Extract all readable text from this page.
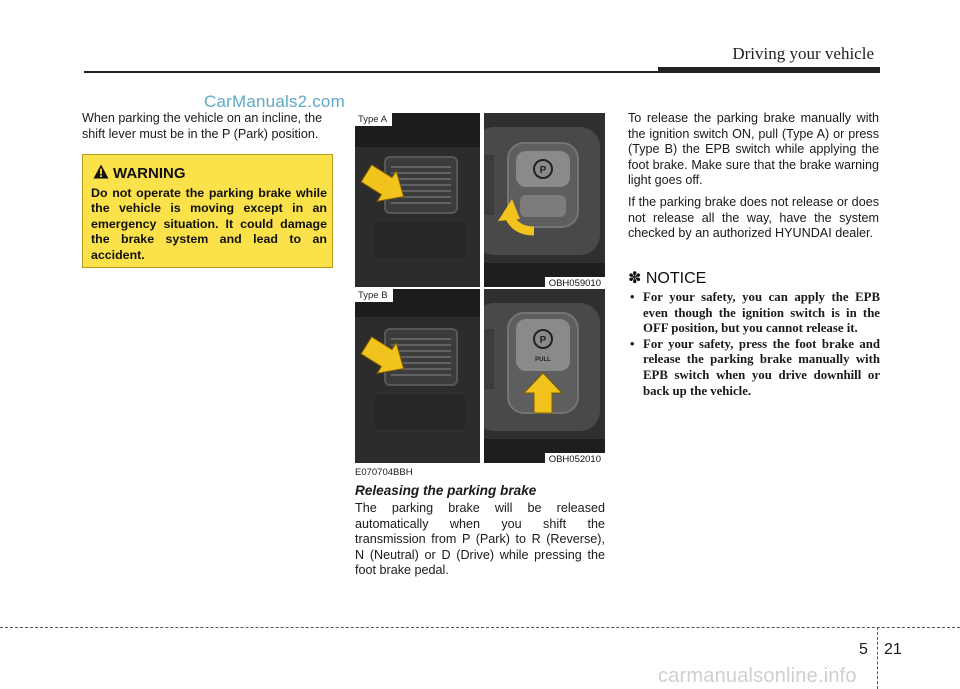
Driving your vehicle
CarManuals2.com
When parking the vehicle on an incline, the shift lever must be in the P (Park) position.
WARNING
Do not operate the parking brake while the vehicle is moving except in an emergency situation. It could damage the brake system and lead to an accident.
P
Type A
OBH059010
P
PULL
Type B
OBH052010
E070704BBH
Releasing the parking brake
The parking brake will be released automatically when you shift the transmission from P (Park) to R (Reverse), N (Neutral) or D (Drive) while pressing the foot brake pedal.

To release the parking brake manually with the ignition switch ON, pull (Type A) or press (Type B) the EPB switch while applying the foot brake. Make sure that the brake warning light goes off.

If the parking brake does not release or does not release all the way, have the system checked by an authorized HYUNDAI dealer.

✽ NOTICE
• For your safety, you can apply the EPB even though the ignition switch is in the OFF position, but you cannot release it.
• For your safety, press the foot brake and release the parking brake manually with EPB switch when you drive downhill or back up the vehicle.
5 21
carmanualsonline.info
